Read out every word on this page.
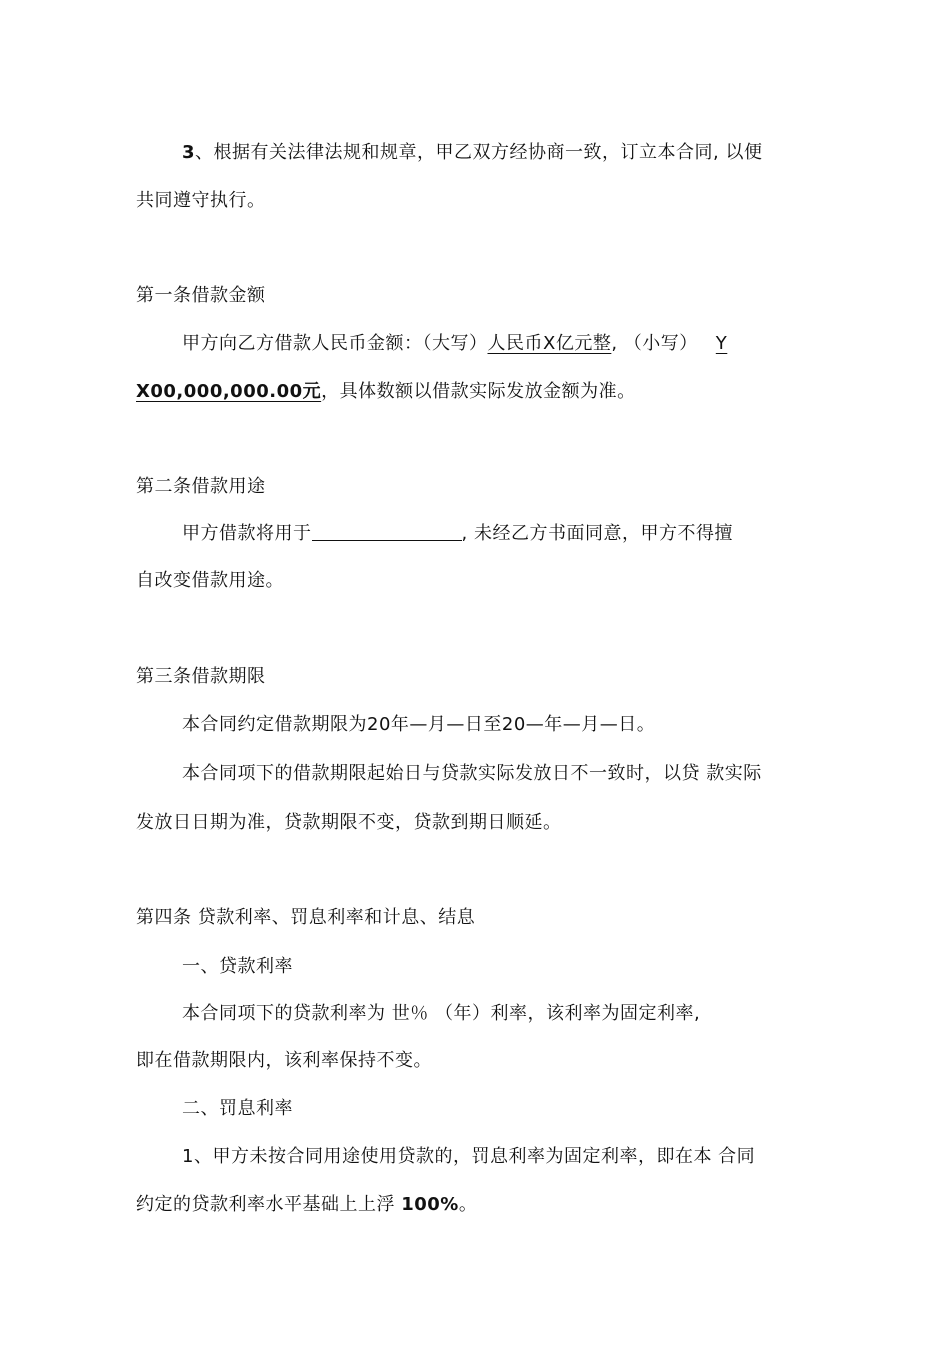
3、根据有关法律法规和规章，甲乙双方经协商一致，订立本合同, 以便
共同遵守执行。
第一条借款金额
甲方向乙方借款人民币金额：（大写）人民币X亿元整, （小写） Y
X00,000,000.00元，具体数额以借款实际发放金额为准。
第二条借款用途
甲方借款将用于	, 未经乙方书面同意，甲方不得擅
自改变借款用途。
第三条借款期限
本合同约定借款期限为20年—月—日至20—年—月—日。
本合同项下的借款期限起始日与贷款实际发放日不一致时，以贷 款实际
发放日日期为准，贷款期限不变，贷款到期日顺延。
第四条 贷款利率、罚息利率和计息、结息
一、贷款利率
本合同项下的贷款利率为 世％ （年）利率，该利率为固定利率,
即在借款期限内，该利率保持不变。
二、罚息利率
1、甲方未按合同用途使用贷款的，罚息利率为固定利率，即在本 合同
约定的贷款利率水平基础上上浮 100%。
